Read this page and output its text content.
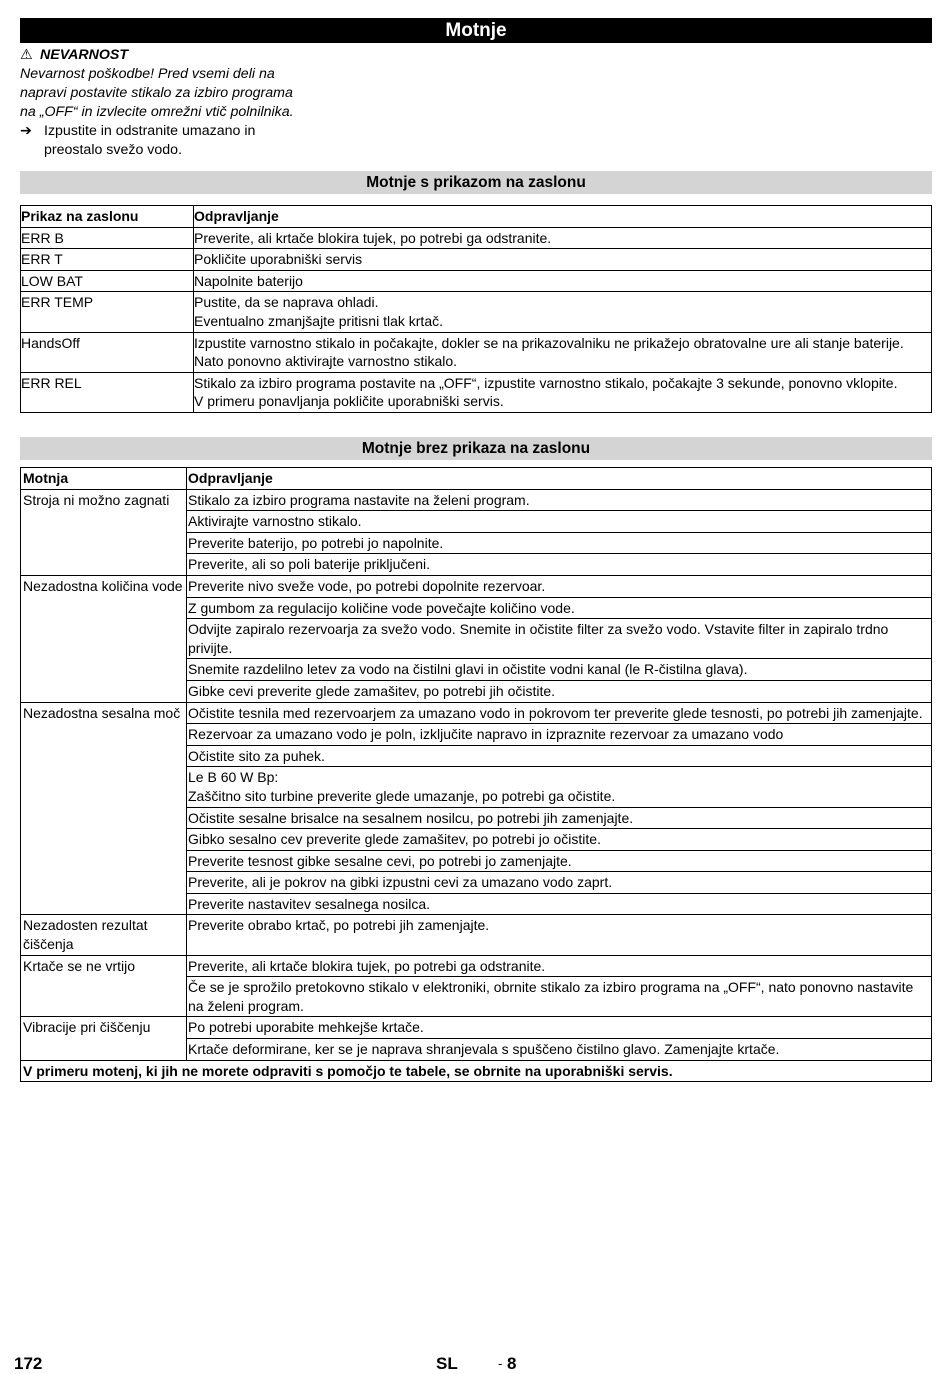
Motnje
⚠ NEVARNOST
Nevarnost poškodbe! Pred vsemi deli na napravi postavite stikalo za izbiro programa na „OFF“ in izvlecite omrežni vtič polnilnika.
➔ Izpustite in odstranite umazano in preostalo svežo vodo.
Motnje s prikazom na zaslonu
Prikaz na zaslonu	Odpravljanje
ERR B	Preverite, ali krtače blokira tujek, po potrebi ga odstranite.
ERR T	Pokličite uporabniški servis
LOW BAT	Napolnite baterijo
ERR TEMP	Pustite, da se naprava ohladi.
Eventualno zmanjšajte pritisni tlak krtač.

HandsOff	Izpustite varnostno stikalo in počakajte, dokler se na prikazovalniku ne prikažejo obratovalne ure ali stanje baterije. Nato ponovno aktivirajte varnostno stikalo.
ERR REL	Stikalo za izbiro programa postavite na „OFF“, izpustite varnostno stikalo, počakajte 3 sekunde, ponovno vklopite.
V primeru ponavljanja pokličite uporabniški servis.
Motnje brez prikaza na zaslonu
Motnja	Odpravljanje
Stroja ni možno zagnati	Stikalo za izbiro programa nastavite na želeni program.
	Aktivirajte varnostno stikalo.
	Preverite baterijo, po potrebi jo napolnite.
	Preverite, ali so poli baterije priključeni.
Nezadostna količina vode	Preverite nivo sveže vode, po potrebi dopolnite rezervoar.
	Z gumbom za regulacijo količine vode povečajte količino vode.
	Odvijte zapiralo rezervoarja za svežo vodo. Snemite in očistite filter za svežo vodo. Vstavite filter in zapiralo trdno privijte.
	Snemite razdelilno letev za vodo na čistilni glavi in očistite vodni kanal (le R-čistilna glava).
	Gibke cevi preverite glede zamašitev, po potrebi jih očistite.
Nezadostna sesalna moč	Očistite tesnila med rezervoarjem za umazano vodo in pokrovom ter preverite glede tesnosti, po potrebi jih zamenjajte.
	Rezervoar za umazano vodo je poln, izključite napravo in izpraznite rezervoar za umazano vodo
	Očistite sito za puhek.

	Le B 60 W Bp:
Zaščitno sito turbine preverite glede umazanje, po potrebi ga očistite.

	Očistite sesalne brisalce na sesalnem nosilcu, po potrebi jih zamenjajte.
	Gibko sesalno cev preverite glede zamašitev, po potrebi jo očistite.
	Preverite tesnost gibke sesalne cevi, po potrebi jo zamenjajte.
	Preverite, ali je pokrov na gibki izpustni cevi za umazano vodo zaprt.
	Preverite nastavitev sesalnega nosilca.
Nezadosten rezultat čiščenja	Preverite obrabo krtač, po potrebi jih zamenjajte.
Krtače se ne vrtijo	Preverite, ali krtače blokira tujek, po potrebi ga odstranite.
	Če se je sprožilo pretokovno stikalo v elektroniki, obrnite stikalo za izbiro programa na „OFF“, nato ponovno nastavite na želeni program.
Vibracije pri čiščenju	Po potrebi uporabite mehkejše krtače.
	Krtače deformirane, ker se je naprava shranjevala s spuščeno čistilno glavo. Zamenjajte krtače.
V primeru motenj, ki jih ne morete odpraviti s pomočjo te tabele, se obrnite na uporabniški servis.	
172	SL	- 8
